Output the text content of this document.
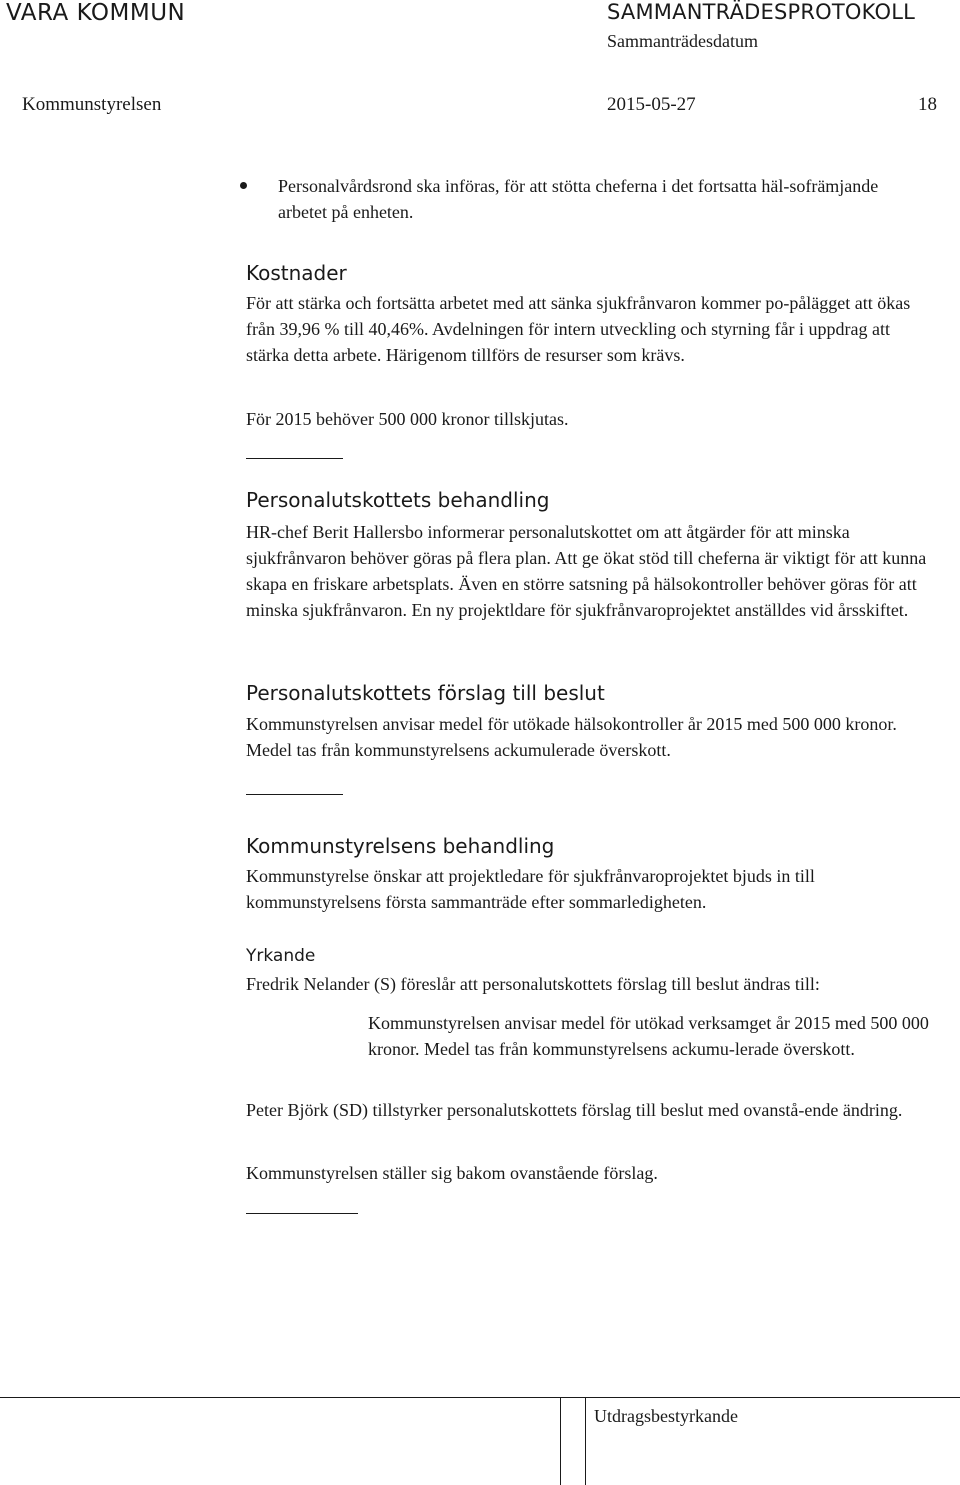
VARA KOMMUN	SAMMANTRÄDESPROTOKOLL
Sammanträdesdatum
Kommunstyrelsen	2015-05-27	18
Personalvårdsrond ska införas, för att stötta cheferna i det fortsatta häl-sofrämjande arbetet på enheten.
Kostnader

För att stärka och fortsätta arbetet med att sänka sjukfrånvaron kommer po-pålägget att ökas från 39,96 % till 40,46%. Avdelningen för intern utveckling och styrning får i uppdrag att stärka detta arbete. Härigenom tillförs de resurser som krävs.

För 2015 behöver 500 000 kronor tillskjutas.

Personalutskottets behandling

HR-chef Berit Hallersbo informerar personalutskottet om att åtgärder för att minska sjukfrånvaron behöver göras på flera plan. Att ge ökat stöd till cheferna är viktigt för att kunna skapa en friskare arbetsplats. Även en större satsning på hälsokontroller behöver göras för att minska sjukfrånvaron. En ny projektldare för sjukfrånvaroprojektet anställdes vid årsskiftet.

Personalutskottets förslag till beslut

Kommunstyrelsen anvisar medel för utökade hälsokontroller år 2015 med 500 000 kronor. Medel tas från kommunstyrelsens ackumulerade överskott.

Kommunstyrelsens behandling

Kommunstyrelse önskar att projektledare för sjukfrånvaroprojektet bjuds in till kommunstyrelsens första sammanträde efter sommarledigheten.

Yrkande

Fredrik Nelander (S) föreslår att personalutskottets förslag till beslut ändras till:

Kommunstyrelsen anvisar medel för utökad verksamget år 2015 med 500 000 kronor. Medel tas från kommunstyrelsens ackumu-lerade överskott.

Peter Björk (SD) tillstyrker personalutskottets förslag till beslut med ovanstå-ende ändring.

Kommunstyrelsen ställer sig bakom ovanstående förslag.

Utdragsbestyrkande
